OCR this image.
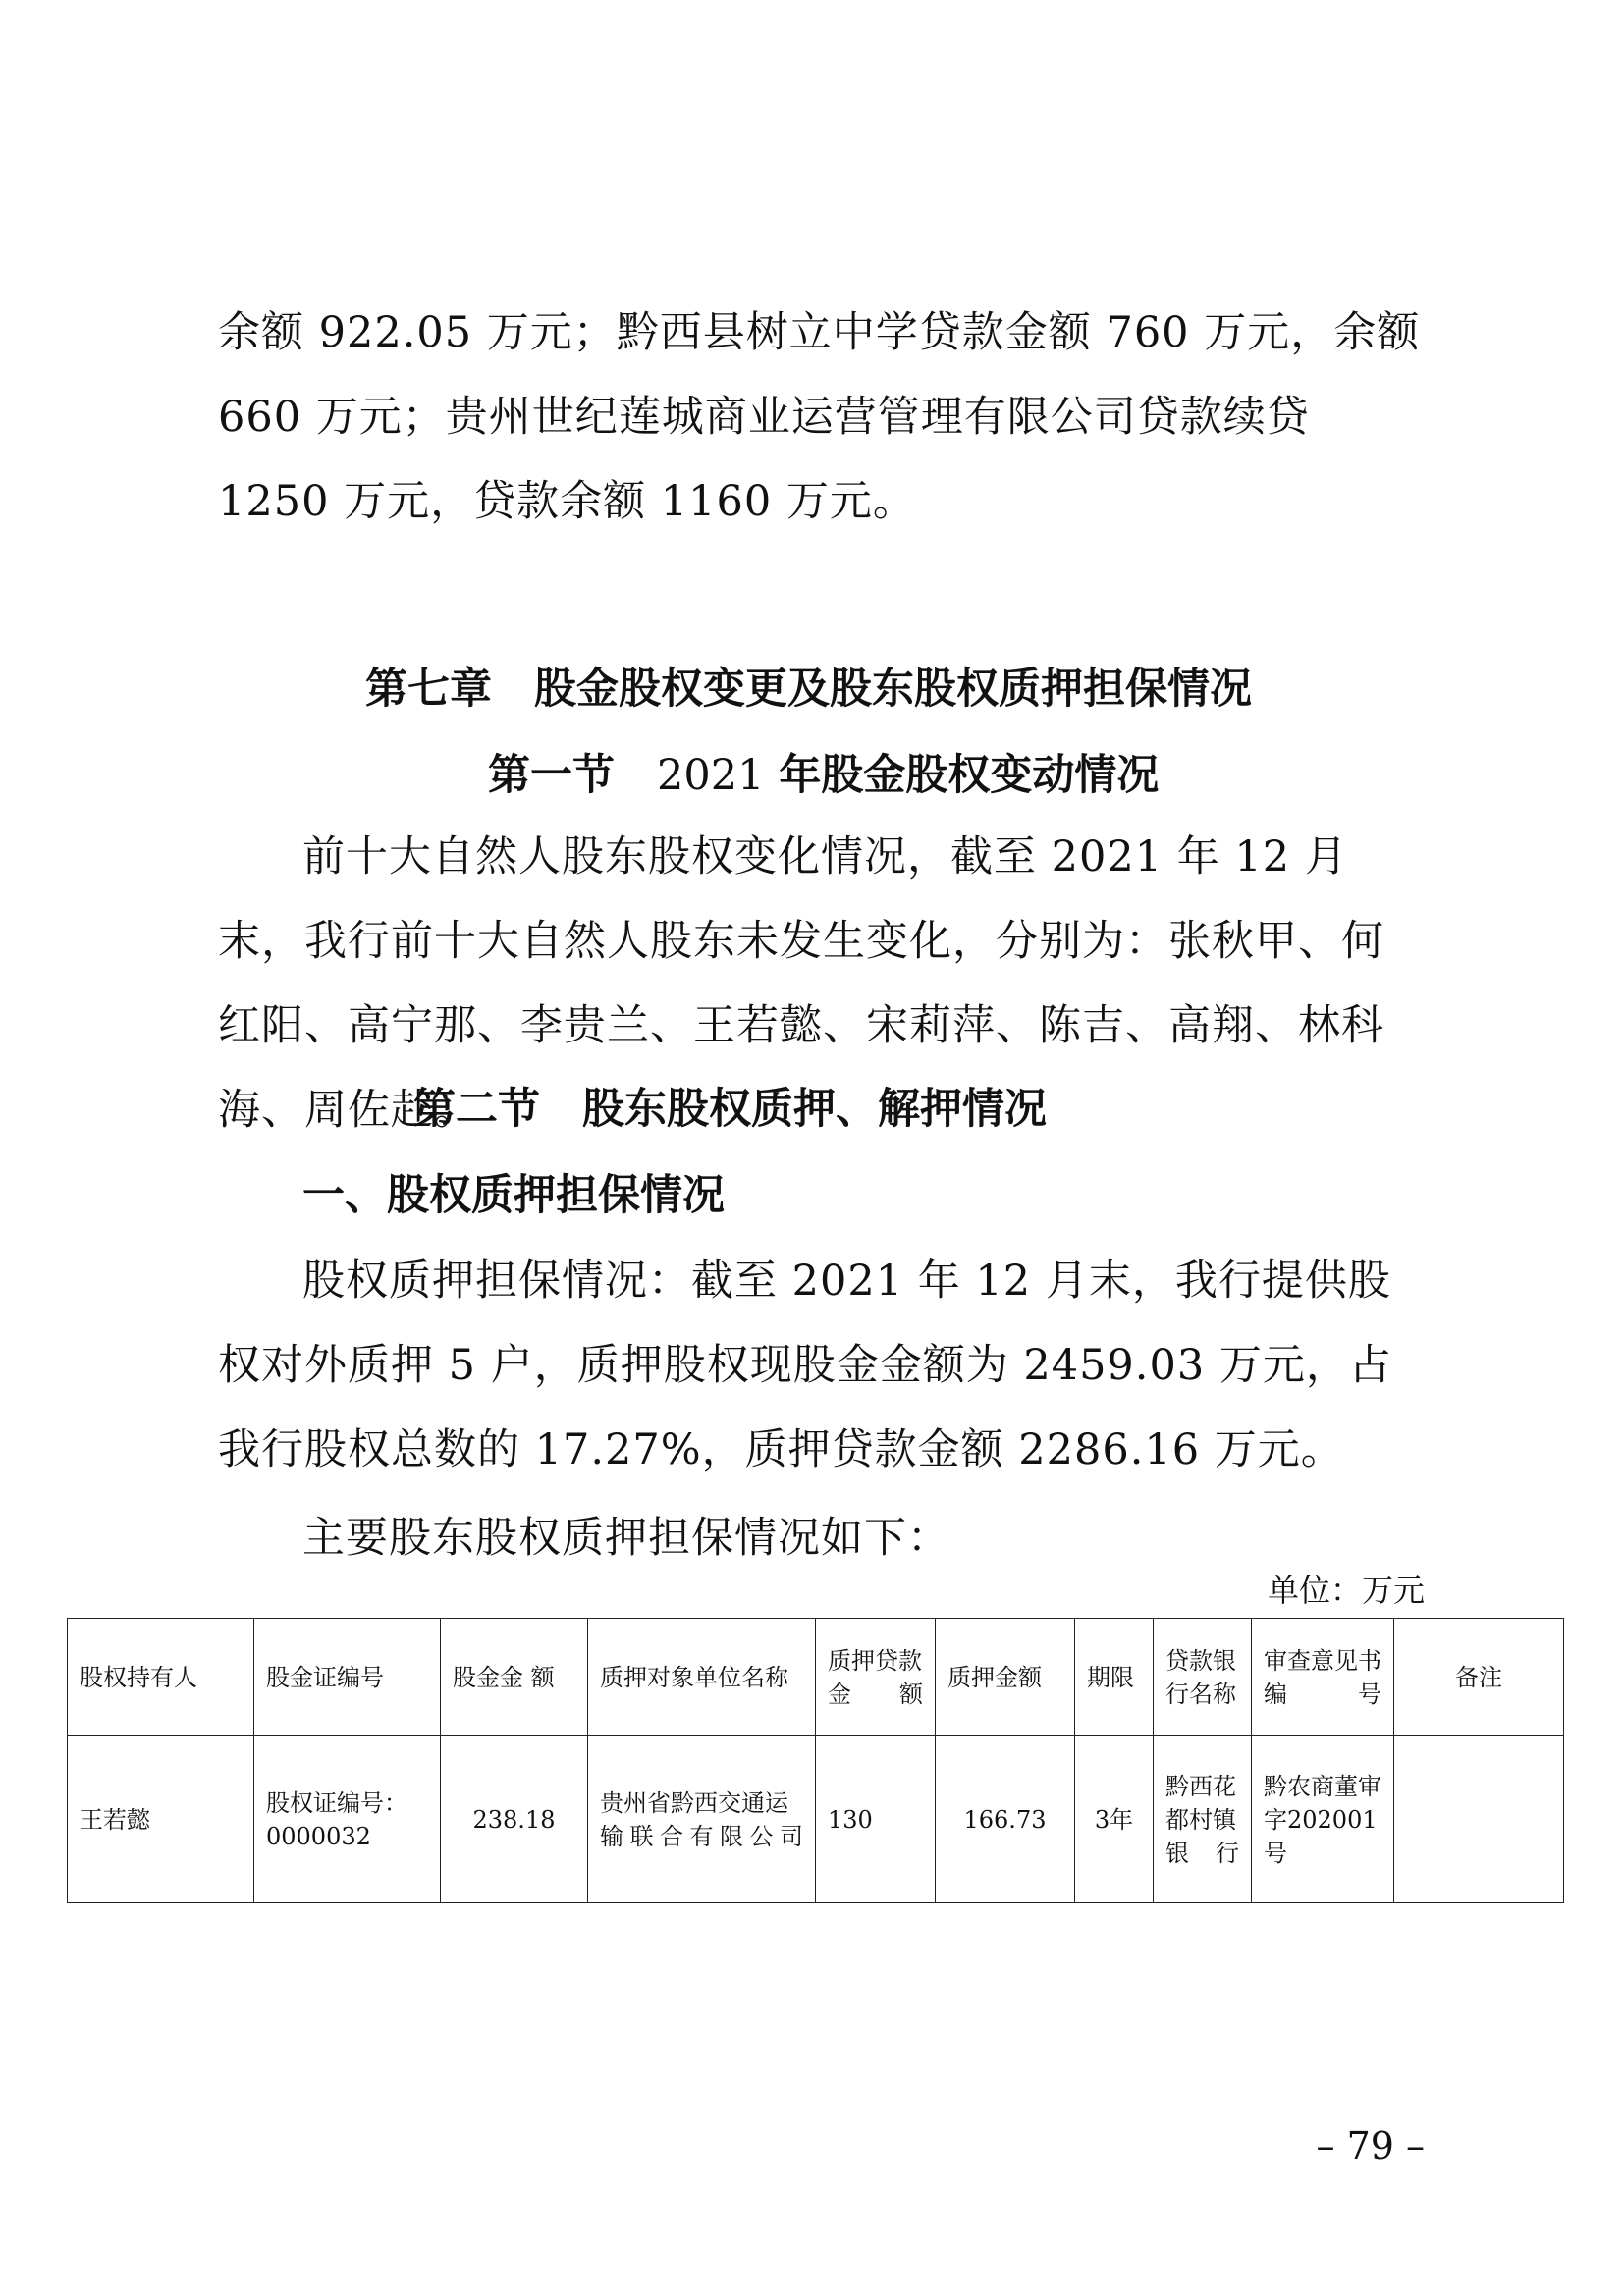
余额 922.05 万元；黔西县树立中学贷款金额 760 万元，余额 660 万元；贵州世纪莲城商业运营管理有限公司贷款续贷 1250 万元，贷款余额 1160 万元。

第七章　股金股权变更及股东股权质押担保情况
第一节　2021 年股金股权变动情况

前十大自然人股东股权变化情况，截至 2021 年 12 月末，我行前十大自然人股东未发生变化，分别为：张秋甲、何红阳、高宁那、李贵兰、王若懿、宋莉萍、陈吉、高翔、林科海、周佐赴。

第二节　股东股权质押、解押情况
一、股权质押担保情况

股权质押担保情况：截至 2021 年 12 月末，我行提供股权对外质押 5 户，质押股权现股金金额为 2459.03 万元，占我行股权总数的 17.27%，质押贷款金额 2286.16 万元。

主要股东股权质押担保情况如下：

单位：万元

股权持有人	股金证编号	股金金 额	质押对象单位名称	质押贷款金额	质押金额	期限	贷款银行名称	审查意见书编号	备注
王若懿	股权证编号：0000032	238.18	贵州省黔西交通运输联合有限公司	130	166.73	3年	黔西花都村镇银行	黔农商董审字202001号	

– 79 –
